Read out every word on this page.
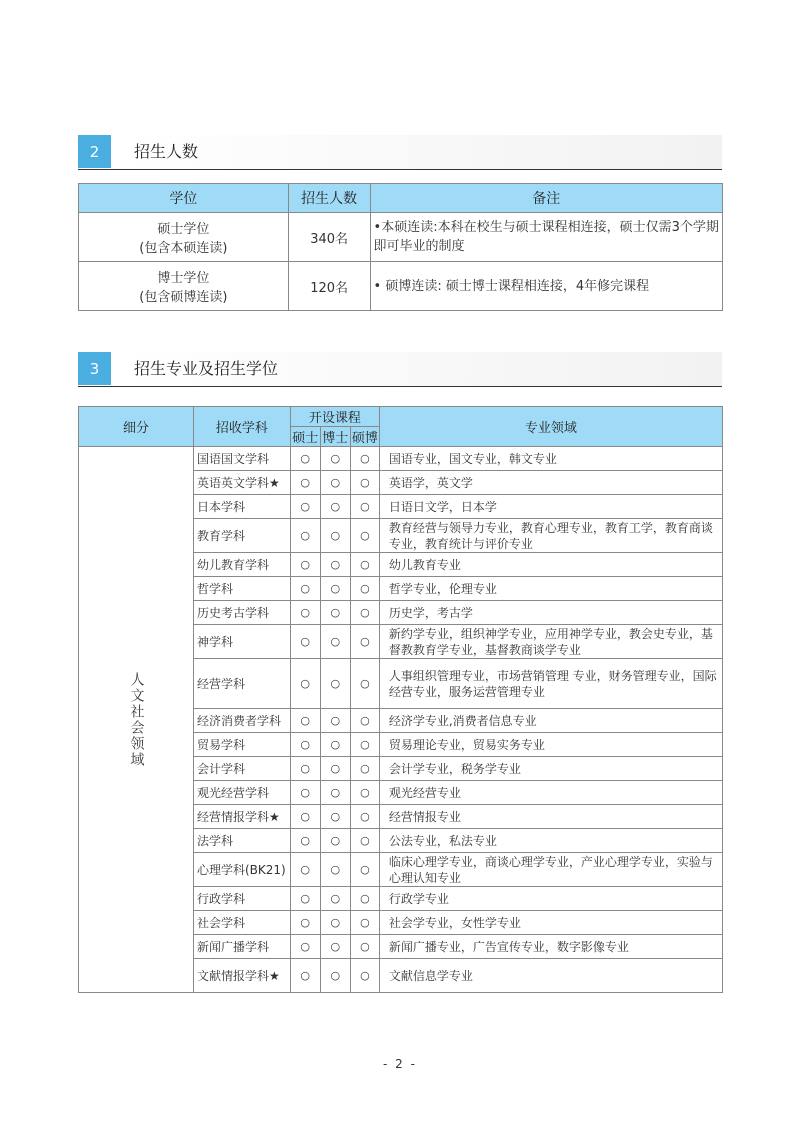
2	招生人数
学位	招生人数	备注

硕士学位
(包含本硕连读)	340名	•本硕连读:本科在校生与硕士课程相连接，硕士仅需3个学期即可毕业的制度

博士学位
(包含硕博连读)	120名	• 硕博连读: 硕士博士课程相连接，4年修完课程
3	招生专业及招生学位
细分	招收学科	开设课程			专业领域
		硕士	博士	硕博	
人文社会领域	国语国文学科	○	○	○	国语专业，国文专业，韩文专业
	英语英文学科★	○	○	○	英语学，英文学
	日本学科	○	○	○	日语日文学，日本学
	教育学科	○	○	○	教育经营与领导力专业，教育心理专业，教育工学，教育商谈专业，教育统计与评价专业
	幼儿教育学科	○	○	○	幼儿教育专业
	哲学科	○	○	○	哲学专业，伦理专业
	历史考古学科	○	○	○	历史学，考古学
	神学科	○	○	○	新约学专业，组织神学专业，应用神学专业，教会史专业，基督教教育学专业，基督教商谈学专业
	经营学科	○	○	○	人事组织管理专业，市场营销管理 专业，财务管理专业，国际经营专业，服务运营管理专业
	经济消费者学科	○	○	○	经济学专业,消费者信息专业
	贸易学科	○	○	○	贸易理论专业，贸易实务专业
	会计学科	○	○	○	会计学专业，税务学专业
	观光经营学科	○	○	○	观光经营专业
	经营情报学科★	○	○	○	经营情报专业
	法学科	○	○	○	公法专业，私法专业
	心理学科(BK21)	○	○	○	临床心理学专业，商谈心理学专业，产业心理学专业，实验与心理认知专业
	行政学科	○	○	○	行政学专业
	社会学科	○	○	○	社会学专业，女性学专业
	新闻广播学科	○	○	○	新闻广播专业，广告宣传专业，数字影像专业
	文献情报学科★	○	○	○	文献信息学专业
- 2 -
